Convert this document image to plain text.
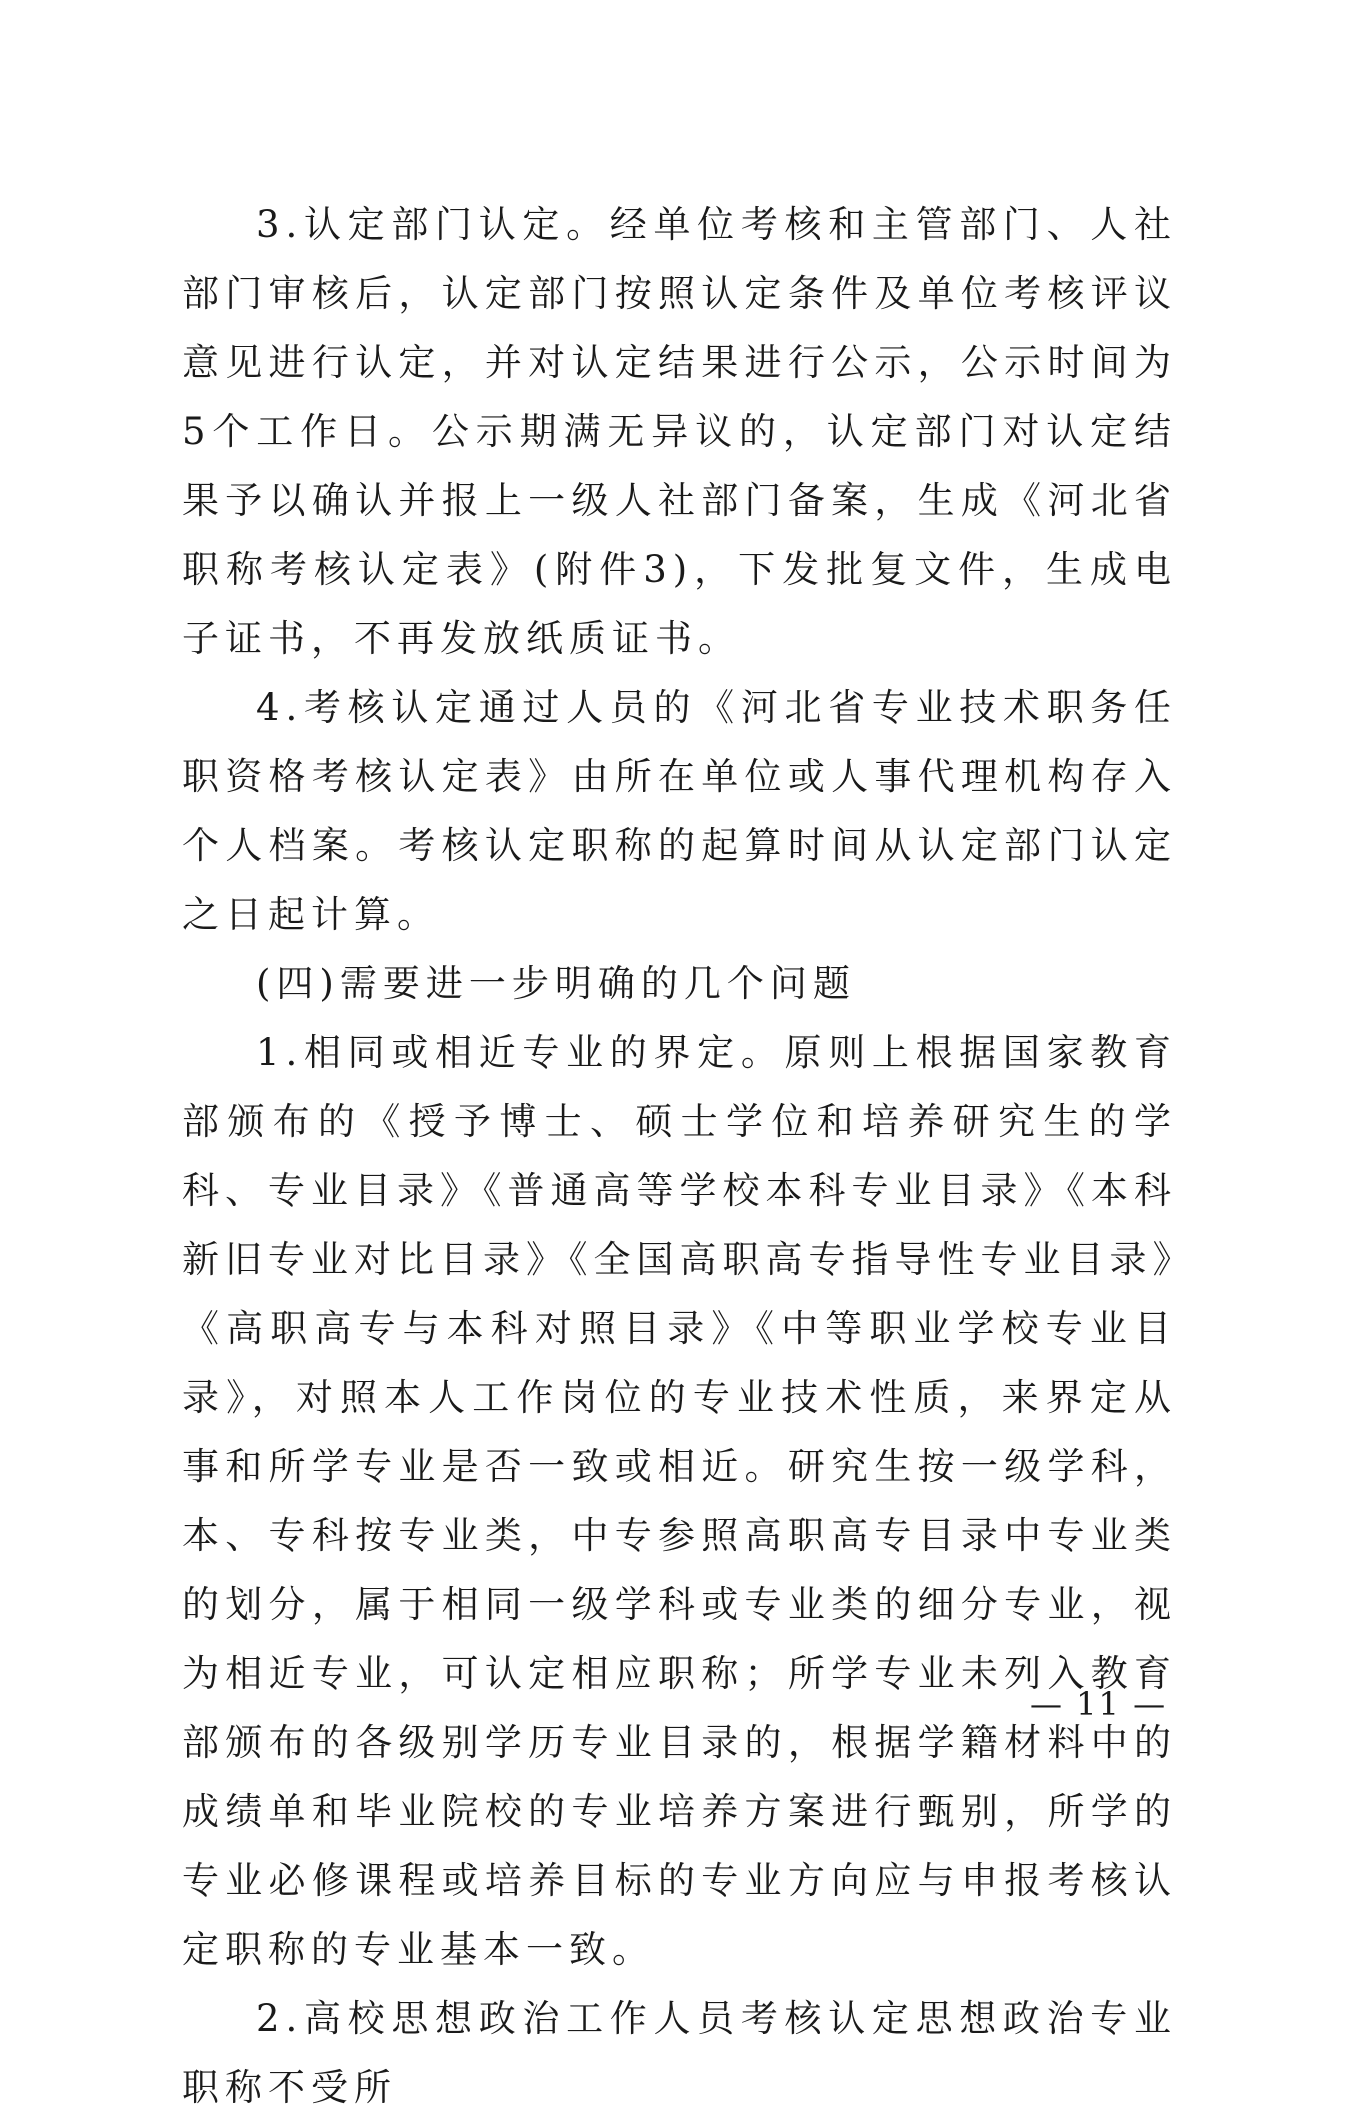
3.认定部门认定。经单位考核和主管部门、人社部门审核后，认定部门按照认定条件及单位考核评议意见进行认定，并对认定结果进行公示，公示时间为5个工作日。公示期满无异议的，认定部门对认定结果予以确认并报上一级人社部门备案，生成《河北省职称考核认定表》(附件3)，下发批复文件，生成电子证书，不再发放纸质证书。

4.考核认定通过人员的《河北省专业技术职务任职资格考核认定表》由所在单位或人事代理机构存入个人档案。考核认定职称的起算时间从认定部门认定之日起计算。

(四)需要进一步明确的几个问题

1.相同或相近专业的界定。原则上根据国家教育部颁布的《授予博士、硕士学位和培养研究生的学科、专业目录》《普通高等学校本科专业目录》《本科新旧专业对比目录》《全国高职高专指导性专业目录》《高职高专与本科对照目录》《中等职业学校专业目录》，对照本人工作岗位的专业技术性质，来界定从事和所学专业是否一致或相近。研究生按一级学科，本、专科按专业类，中专参照高职高专目录中专业类的划分，属于相同一级学科或专业类的细分专业，视为相近专业，可认定相应职称；所学专业未列入教育部颁布的各级别学历专业目录的，根据学籍材料中的成绩单和毕业院校的专业培养方案进行甄别，所学的专业必修课程或培养目标的专业方向应与申报考核认定职称的专业基本一致。

2.高校思想政治工作人员考核认定思想政治专业职称不受所

— 11 —
